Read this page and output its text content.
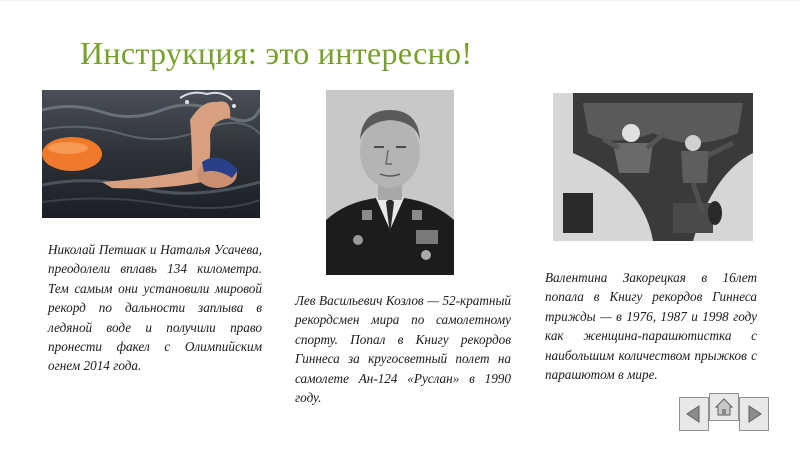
Инструкция: это интересно!
Николай Петшак и Наталья Усачева, преодолели вплавь 134 километра. Тем самым они установили мировой рекорд по дальности заплыва в ледяной воде и получили право пронести факел с Олимпийским огнем 2014 года.
Лев Васильевич Козлов — 52-кратный рекордсмен мира по самолетному спорту. Попал в Книгу рекордов Гиннеса за кругосветный полет на самолете Ан-124 «Руслан» в 1990 году.
Валентина Закорецкая в 16лет попала в Книгу рекордов Гиннеса трижды — в 1976, 1987 и 1998 году как женщина-парашютистка с наибольшим количеством прыжков с парашютом в мире.
